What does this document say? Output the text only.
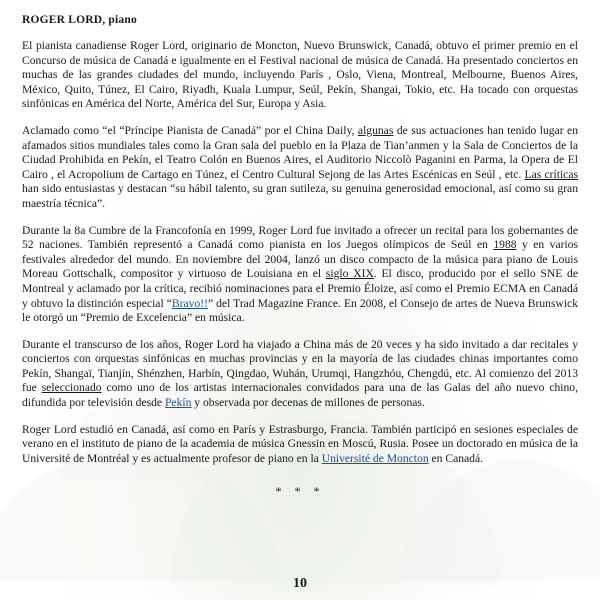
ROGER LORD, piano

El pianista canadiense Roger Lord, originario de Moncton, Nuevo Brunswick, Canadá, obtuvo el primer premio en el Concurso de música de Canadá e igualmente en el Festival nacional de música de Canadá. Ha presentado conciertos en muchas de las grandes ciudades del mundo, incluyendo París , Oslo, Viena, Montreal, Melbourne, Buenos Aires, México, Quito, Túnez, El Cairo, Riyadh, Kuala Lumpur, Seúl, Pekín, Shangai, Tokio, etc. Ha tocado con orquestas sinfónicas en América del Norte, América del Sur, Europa y Asia.

Aclamado como “el “Príncipe Pianista de Canadá” por el China Daily, algunas de sus actuaciones han tenido lugar en afamados sitios mundiales tales como la Gran sala del pueblo en la Plaza de Tian’anmen y la Sala de Conciertos de la Ciudad Prohibida en Pekín, el Teatro Colón en Buenos Aires, el Auditorio Niccolò Paganini en Parma, la Opera de El Cairo , el Acropolium de Cartago en Túnez, el Centro Cultural Sejong de las Artes Escénicas en Seúl , etc. Las críticas han sido entusiastas y destacan “su hábil talento, su gran sutileza, su genuina generosidad emocional, así como su gran maestría técnica”.

Durante la 8a Cumbre de la Francofonía en 1999, Roger Lord fue invitado a ofrecer un recital para los gobernantes de 52 naciones. También representó a Canadá como pianista en los Juegos olímpicos de Seúl en 1988 y en varios festivales alrededor del mundo. En noviembre del 2004, lanzó un disco compacto de la música para piano de Louis Moreau Gottschalk, compositor y virtuoso de Louisiana en el siglo XIX. El disco, producido por el sello SNE de Montreal y aclamado por la crítica, recibió nominaciones para el Premio Éloize, así como el Premio ECMA en Canadá y obtuvo la distinción especial “Bravo!!” del Trad Magazine France. En 2008, el Consejo de artes de Nueva Brunswick le otorgó un “Premio de Excelencia” en música.

Durante el transcurso de los años, Roger Lord ha viajado a China más de 20 veces y ha sido invitado a dar recitales y conciertos con orquestas sinfónicas en muchas provincias y en la mayoría de las ciudades chinas importantes como Pekín, Shangaï, Tianjín, Shénzhen, Harbín, Qingdao, Wuhán, Urumqi, Hangzhóu, Chengdú, etc. Al comienzo del 2013 fue seleccionado como uno de los artistas internacionales convidados para una de las Galas del año nuevo chino, difundida por televisión desde Pekín y observada por decenas de millones de personas.

Roger Lord estudió en Canadá, así como en París y Estrasburgo, Francia. También participó en sesiones especiales de verano en el instituto de piano de la academia de música Gnessin en Moscú, Rusia. Posee un doctorado en música de la Université de Montréal y es actualmente profesor de piano en la Université de Moncton en Canadá.

* * *
10
